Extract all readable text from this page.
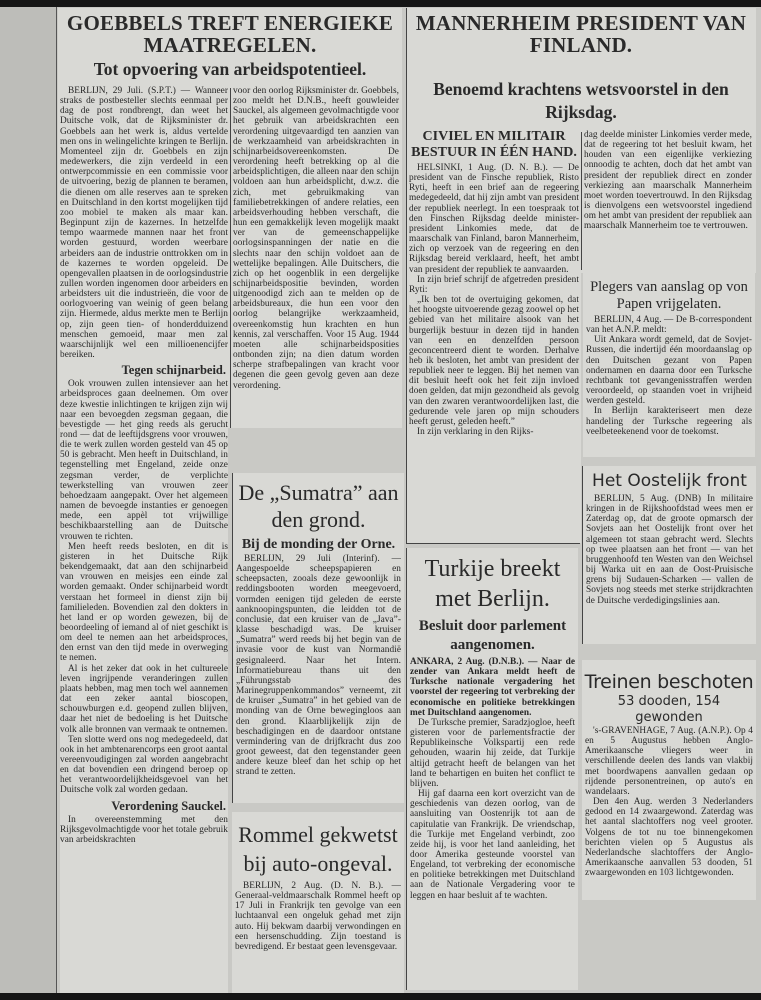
GOEBBELS TREFT ENERGIEKE MAATREGELEN.
Tot opvoering van arbeidspotentieel.

BERLIJN, 29 Juli. (S.P.T.) — Wanneer straks de postbesteller slechts eenmaal per dag de post rondbrengt, dan weet het Duitsche volk, dat de Rijksminister dr. Goebbels aan het werk is, aldus vertelde men ons in welingelichte kringen te Berlijn. Momenteel zijn dr. Goebbels en zijn medewerkers, die zijn verdeeld in een ontwerpcommissie en een commissie voor de uitvoering, bezig de plannen te beramen, die dienen om alle reserves aan te spreken en Duitschland in den kortst mogelijken tijd zoo mobiel te maken als maar kan. Beginpunt zijn de kazernes. In hetzelfde tempo waarmede mannen naar het front worden gestuurd, worden weerbare arbeiders aan de industrie onttrokken om in de kazernes te worden opgeleid. De opengevallen plaatsen in de oorlogsindustrie zullen worden ingenomen door arbeiders en arbeidsters uit die industrieën, die voor de oorlogvoering van weinig of geen belang zijn. Hiermede, aldus merkte men te Berlijn op, zijn geen tien- of honderdduizend menschen gemoeid, maar men zal waarschijnlijk wel een millioenencijfer bereiken.

Tegen schijnarbeid.

Ook vrouwen zullen intensiever aan het arbeidsproces gaan deelnemen. Om over deze kwestie inlichtingen te krijgen zijn wij naar een bevoegden zegsman gegaan, die bevestigde — het ging reeds als gerucht rond — dat de leeftijdsgrens voor vrouwen, die te werk zullen worden gesteld van 45 op 50 is gebracht. Men heeft in Duitschland, in tegenstelling met Engeland, zeide onze zegsman verder, de verplichte tewerkstelling van vrouwen zeer behoedzaam aangepakt. Over het algemeen namen de bevoegde instanties er genoegen mede, een appèl tot vrijwillige beschikbaarstelling aan de Duitsche vrouwen te richten.

Men heeft reeds besloten, en dit is gisteren in het Duitsche Rijk bekendgemaakt, dat aan den schijnarbeid van vrouwen en meisjes een einde zal worden gemaakt. Onder schijnarbeid wordt verstaan het formeel in dienst zijn bij familieleden. Bovendien zal den dokters in het land er op worden gewezen, bij de beoordeeling of iemand al of niet geschikt is om deel te nemen aan het arbeidsproces, den ernst van den tijd mede in overweging te nemen.

Al is het zeker dat ook in het cultureele leven ingrijpende veranderingen zullen plaats hebben, mag men toch wel aannemen dat een zeker aantal bioscopen, schouwburgen e.d. geopend zullen blijven, daar het niet de bedoeling is het Duitsche volk alle bronnen van vermaak te ontnemen.

Ten slotte werd ons nog medegedeeld, dat ook in het ambtenarencorps een groot aantal vereenvoudigingen zal worden aangebracht en dat bovendien een dringend beroep op het verantwoordelijkheidsgevoel van het Duitsche volk zal worden gedaan.

Verordening Sauckel.

In overeenstemming met den Rijksgevolmachtigde voor het totale gebruik van arbeidskrachten

voor den oorlog Rijksminister dr. Goebbels, zoo meldt het D.N.B., heeft gouwleider Sauckel, als algemeen gevolmachtigde voor het gebruik van arbeidskrachten een verordening uitgevaardigd ten aanzien van de werkzaamheid van arbeidskrachten in schijnarbeidsovereenkomsten. De verordening heeft betrekking op al die arbeidsplichtigen, die alleen naar den schijn voldoen aan hun arbeidsplicht, d.w.z. die zich, met gebruikmaking van familiebetrekkingen of andere relaties, een arbeidsverhouding hebben verschaft, die hun een gemakkelijk leven mogelijk maakt ver van de gemeenschappelijke oorlogsinspanningen der natie en die slechts naar den schijn voldoet aan de wettelijke bepalingen. Alle Duitschers, die zich op het oogenblik in een dergelijke schijnarbeidspositie bevinden, worden uitgenoodigd zich aan te melden op de arbeidsbureaux, die hun een voor den oorlog belangrijke werkzaamheid, overeenkomstig hun krachten en hun kennis, zal verschaffen. Voor 15 Aug. 1944 moeten alle schijnarbeidsposities ontbonden zijn; na dien datum worden scherpe strafbepalingen van kracht voor degenen die geen gevolg geven aan deze verordening.

De „Sumatra” aan den grond.
Bij de monding der Orne.

BERLIJN, 29 Juli (Interinf). — Aangespoelde scheepspapieren en scheepsacten, zooals deze gewoonlijk in reddingsbooten worden meegevoerd, vormden eenigen tijd geleden de eerste aanknoopingspunten, die leidden tot de conclusie, dat een kruiser van de „Java”-klasse beschadigd was. De kruiser „Sumatra” werd reeds bij het begin van de invasie voor de kust van Normandië gesignaleerd. Naar het Intern. Informatiebureau thans uit den „Führungsstab des Marinegruppenkommandos” verneemt, zit de kruiser „Sumatra” in het gebied van de monding van de Orne bewegingloos aan den grond. Klaarblijkelijk zijn de beschadigingen en de daardoor ontstane vermindering van de drijfkracht dus zoo groot geweest, dat den tegenstander geen andere keuze bleef dan het schip op het strand te zetten.

Rommel gekwetst bij auto-ongeval.

BERLIJN, 2 Aug. (D. N. B.). — Generaal-veldmaarschalk Rommel heeft op 17 Juli in Frankrijk ten gevolge van een luchtaanval een ongeluk gehad met zijn auto. Hij bekwam daarbij verwondingen en een hersenschudding. Zijn toestand is bevredigend. Er bestaat geen levensgevaar.

MANNERHEIM PRESIDENT VAN FINLAND.
Benoemd krachtens wetsvoorstel in den Rijksdag.
CIVIEL EN MILITAIR BESTUUR IN ÉÉN HAND.

HELSINKI, 1 Aug. (D. N. B.). — De president van de Finsche republiek, Risto Ryti, heeft in een brief aan de regeering medegedeeld, dat hij zijn ambt van president der republiek neerlegt. In een toespraak tot den Finschen Rijksdag deelde minister-president Linkomies mede, dat de maarschalk van Finland, baron Mannerheim, zich op verzoek van de regeering en den Rijksdag bereid verklaard, heeft, het ambt van president der republiek te aanvaarden.

In zijn brief schrijf de afgetreden president Ryti:

„Ik ben tot de overtuiging gekomen, dat het hoogste uitvoerende gezag zoowel op het gebied van het militaire alsook van het burgerlijk bestuur in dezen tijd in handen van een en denzelfden persoon geconcentreerd dient te worden. Derhalve heb ik besloten, het ambt van president der republiek neer te leggen. Bij het nemen van dit besluit heeft ook het feit zijn invloed doen gelden, dat mijn gezondheid als gevolg van den zwaren verantwoordelijken last, die gedurende vele jaren op mijn schouders heeft gerust, geleden heeft.”

In zijn verklaring in den Rijks-

dag deelde minister Linkomies verder mede, dat de regeering tot het besluit kwam, het houden van een eigenlijke verkiezing onnoodig te achten, doch dat het ambt van president der republiek direct en zonder verkiezing aan maarschalk Mannerheim moet worden toevertrouwd. In den Rijksdag is dienvolgens een wetsvoorstel ingediend om het ambt van president der republiek aan maarschalk Mannerheim toe te vertrouwen.

Plegers van aanslag op von Papen vrijgelaten.

BERLIJN, 4 Aug. — De B-correspondent van het A.N.P. meldt:

Uit Ankara wordt gemeld, dat de Sovjet-Russen, die indertijd één moordaanslag op den Duitschen gezant von Papen ondernamen en daarna door een Turksche rechtbank tot gevangenisstraffen werden veroordeeld, op staanden voet in vrijheid werden gesteld.

In Berlijn karakteriseert men deze handeling der Turksche regeering als veelbeteekenend voor de toekomst.

Turkije breekt met Berlijn.
Besluit door parlement aangenomen.

ANKARA, 2 Aug. (D.N.B.). — Naar de zender van Ankara meldt heeft de Turksche nationale vergadering het voorstel der regeering tot verbreking der economische en politieke betrekkingen met Duitschland aangenomen.

De Turksche premier, Saradzjogloe, heeft gisteren voor de parlementsfractie der Republikeinsche Volkspartij een rede gehouden, waarin hij zeide, dat Turkije altijd getracht heeft de belangen van het land te behartigen en buiten het conflict te blijven.

Hij gaf daarna een kort overzicht van de geschiedenis van dezen oorlog, van de aansluiting van Oostenrijk tot aan de capitulatie van Frankrijk. De vriendschap, die Turkije met Engeland verbindt, zoo zeide hij, is voor het land aanleiding, het door Amerika gesteunde voorstel van Engeland, tot verbreking der economische en politieke betrekkingen met Duitschland aan de Nationale Vergadering voor te leggen en haar besluit af te wachten.

Het Oostelijk front

BERLIJN, 5 Aug. (DNB) In militaire kringen in de Rijkshoofdstad wees men er Zaterdag op, dat de groote opmarsch der Sovjets aan het Oostelijk front over het algemeen tot staan gebracht werd. Slechts op twee plaatsen aan het front — van het bruggenhoofd ten Westen van den Weichsel bij Warka uit en aan de Oost-Pruisische grens bij Sudauen-Scharken — vallen de Sovjets nog steeds met sterke strijdkrachten de Duitsche verdedigingslinies aan.

Treinen beschoten
53 dooden, 154 gewonden

's-GRAVENHAGE, 7 Aug. (A.N.P.). Op 4 en 5 Augustus hebben Anglo-Amerikaansche vliegers weer in verschillende deelen des lands van vlakbij met boordwapens aanvallen gedaan op rijdende personentreinen, op auto's en wandelaars.

Den 4en Aug. werden 3 Nederlanders gedood en 14 zwaargewond. Zaterdag was het aantal slachtoffers nog veel grooter. Volgens de tot nu toe binnengekomen berichten vielen op 5 Augustus als Nederlandsche slachtoffers der Anglo-Amerikaansche aanvallen 53 dooden, 51 zwaargewonden en 103 lichtgewonden.
